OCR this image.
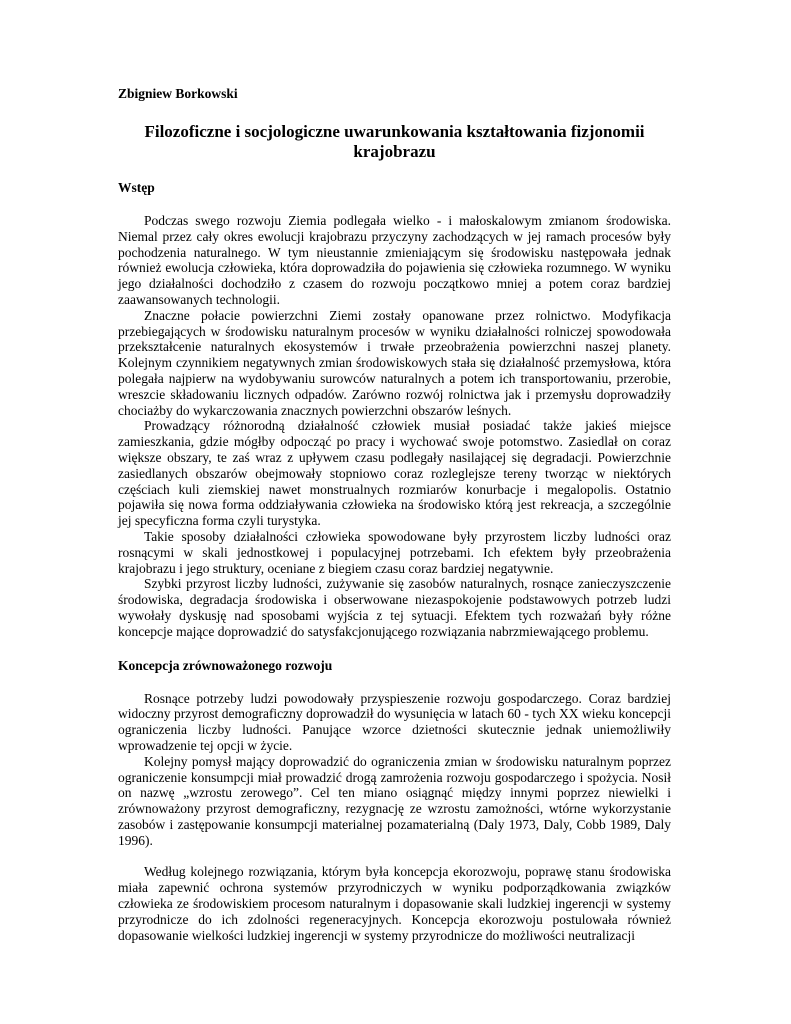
Zbigniew Borkowski

Filozoficzne i socjologiczne uwarunkowania kształtowania fizjonomii krajobrazu

Wstęp

Podczas swego rozwoju Ziemia podlegała wielko - i małoskalowym zmianom środowiska. Niemal przez cały okres ewolucji krajobrazu przyczyny zachodzących w jej ramach procesów były pochodzenia naturalnego. W tym nieustannie zmieniającym się środowisku następowała jednak również ewolucja człowieka, która doprowadziła do pojawienia się człowieka rozumnego. W wyniku jego działalności dochodziło z czasem do rozwoju początkowo mniej a potem coraz bardziej zaawansowanych technologii.

Znaczne połacie powierzchni Ziemi zostały opanowane przez rolnictwo. Modyfikacja przebiegających w środowisku naturalnym procesów w wyniku działalności rolniczej spowodowała przekształcenie naturalnych ekosystemów i trwałe przeobrażenia powierzchni naszej planety. Kolejnym czynnikiem negatywnych zmian środowiskowych stała się działalność przemysłowa, która polegała najpierw na wydobywaniu surowców naturalnych a potem ich transportowaniu, przerobie, wreszcie składowaniu licznych odpadów. Zarówno rozwój rolnictwa jak i przemysłu doprowadziły chociażby do wykarczowania znacznych powierzchni obszarów leśnych.

Prowadzący różnorodną działalność człowiek musiał posiadać także jakieś miejsce zamieszkania, gdzie mógłby odpocząć po pracy i wychować swoje potomstwo. Zasiedlał on coraz większe obszary, te zaś wraz z upływem czasu podlegały nasilającej się degradacji. Powierzchnie zasiedlanych obszarów obejmowały stopniowo coraz rozleglejsze tereny tworząc w niektórych częściach kuli ziemskiej nawet monstrualnych rozmiarów konurbacje i megalopolis. Ostatnio pojawiła się nowa forma oddziaływania człowieka na środowisko którą jest rekreacja, a szczególnie jej specyficzna forma czyli turystyka.

Takie sposoby działalności człowieka spowodowane były przyrostem liczby ludności oraz rosnącymi w skali jednostkowej i populacyjnej potrzebami. Ich efektem były przeobrażenia krajobrazu i jego struktury, oceniane z biegiem czasu coraz bardziej negatywnie.

Szybki przyrost liczby ludności, zużywanie się zasobów naturalnych, rosnące zanieczyszczenie środowiska, degradacja środowiska i obserwowane niezaspokojenie podstawowych potrzeb ludzi wywołały dyskusję nad sposobami wyjścia z tej sytuacji. Efektem tych rozważań były różne koncepcje mające doprowadzić do satysfakcjonującego rozwiązania nabrzmiewającego problemu.

Koncepcja zrównoważonego rozwoju

Rosnące potrzeby ludzi powodowały przyspieszenie rozwoju gospodarczego. Coraz bardziej widoczny przyrost demograficzny doprowadził do wysunięcia w latach 60 - tych XX wieku koncepcji ograniczenia liczby ludności. Panujące wzorce dzietności skutecznie jednak uniemożliwiły wprowadzenie tej opcji w życie.

Kolejny pomysł mający doprowadzić do ograniczenia zmian w środowisku naturalnym poprzez ograniczenie konsumpcji miał prowadzić drogą zamrożenia rozwoju gospodarczego i spożycia. Nosił on nazwę „wzrostu zerowego”. Cel ten miano osiągnąć między innymi poprzez niewielki i zrównoważony przyrost demograficzny, rezygnację ze wzrostu zamożności, wtórne wykorzystanie zasobów i zastępowanie konsumpcji materialnej pozamaterialną (Daly 1973, Daly, Cobb 1989, Daly 1996).

Według kolejnego rozwiązania, którym była koncepcja ekorozwoju, poprawę stanu środowiska miała zapewnić ochrona systemów przyrodniczych w wyniku podporządkowania związków człowieka ze środowiskiem procesom naturalnym i dopasowanie skali ludzkiej ingerencji w systemy przyrodnicze do ich zdolności regeneracyjnych. Koncepcja ekorozwoju postulowała również dopasowanie wielkości ludzkiej ingerencji w systemy przyrodnicze do możliwości neutralizacji
